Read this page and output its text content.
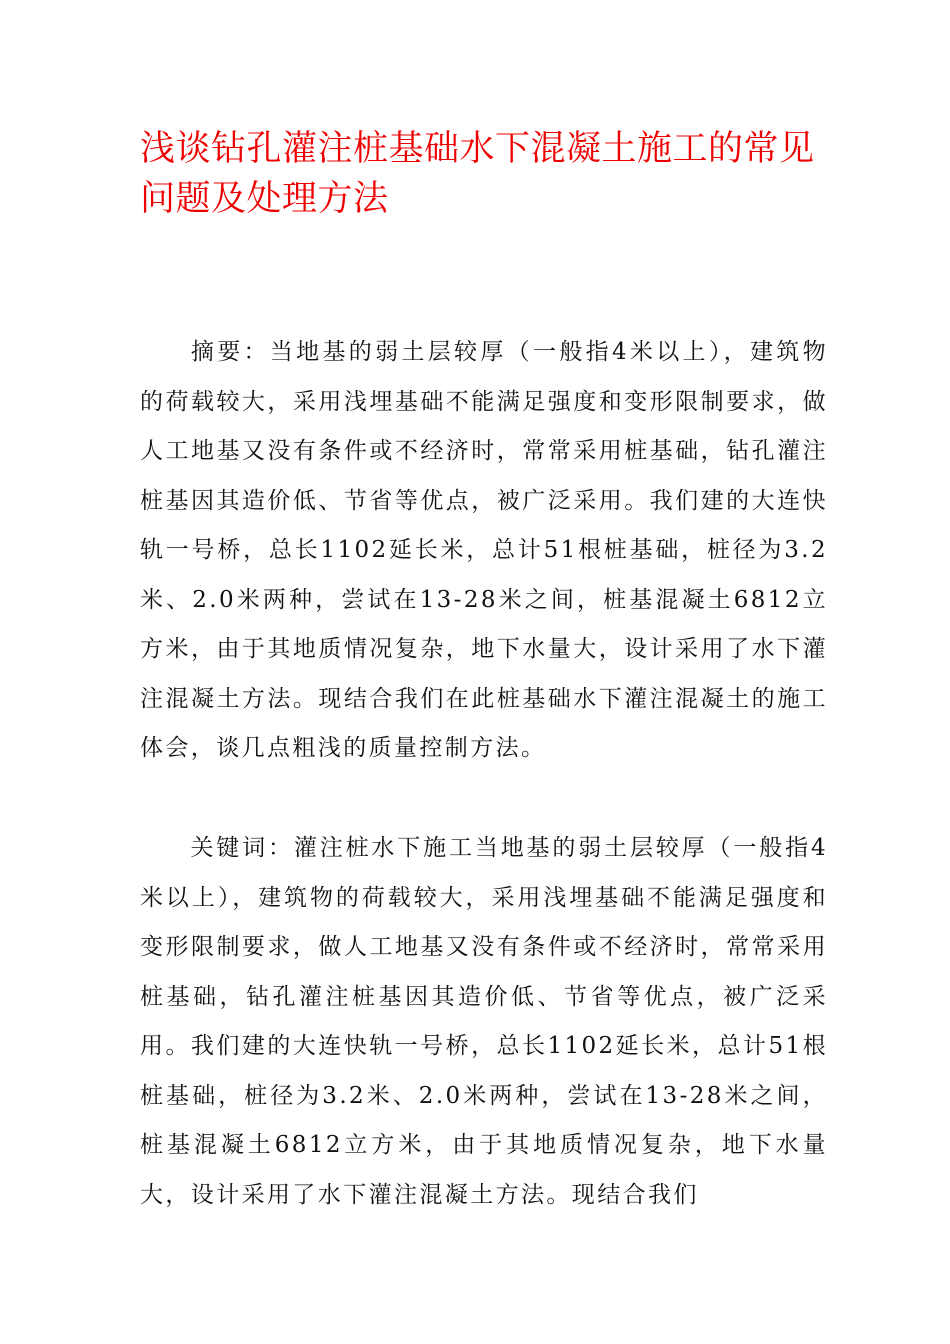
浅谈钻孔灌注桩基础水下混凝土施工的常见问题及处理方法

摘要：当地基的弱土层较厚（一般指4米以上），建筑物的荷载较大，采用浅埋基础不能满足强度和变形限制要求，做人工地基又没有条件或不经济时，常常采用桩基础，钻孔灌注桩基因其造价低、节省等优点，被广泛采用。我们建的大连快轨一号桥，总长1102延长米，总计51根桩基础，桩径为3.2米、2.0米两种，尝试在13-28米之间，桩基混凝土6812立方米，由于其地质情况复杂，地下水量大，设计采用了水下灌注混凝土方法。现结合我们在此桩基础水下灌注混凝土的施工体会，谈几点粗浅的质量控制方法。

关键词：灌注桩水下施工当地基的弱土层较厚（一般指4米以上），建筑物的荷载较大，采用浅埋基础不能满足强度和变形限制要求，做人工地基又没有条件或不经济时，常常采用桩基础，钻孔灌注桩基因其造价低、节省等优点，被广泛采用。我们建的大连快轨一号桥，总长1102延长米，总计51根桩基础，桩径为3.2米、2.0米两种，尝试在13-28米之间，桩基混凝土6812立方米，由于其地质情况复杂，地下水量大，设计采用了水下灌注混凝土方法。现结合我们
